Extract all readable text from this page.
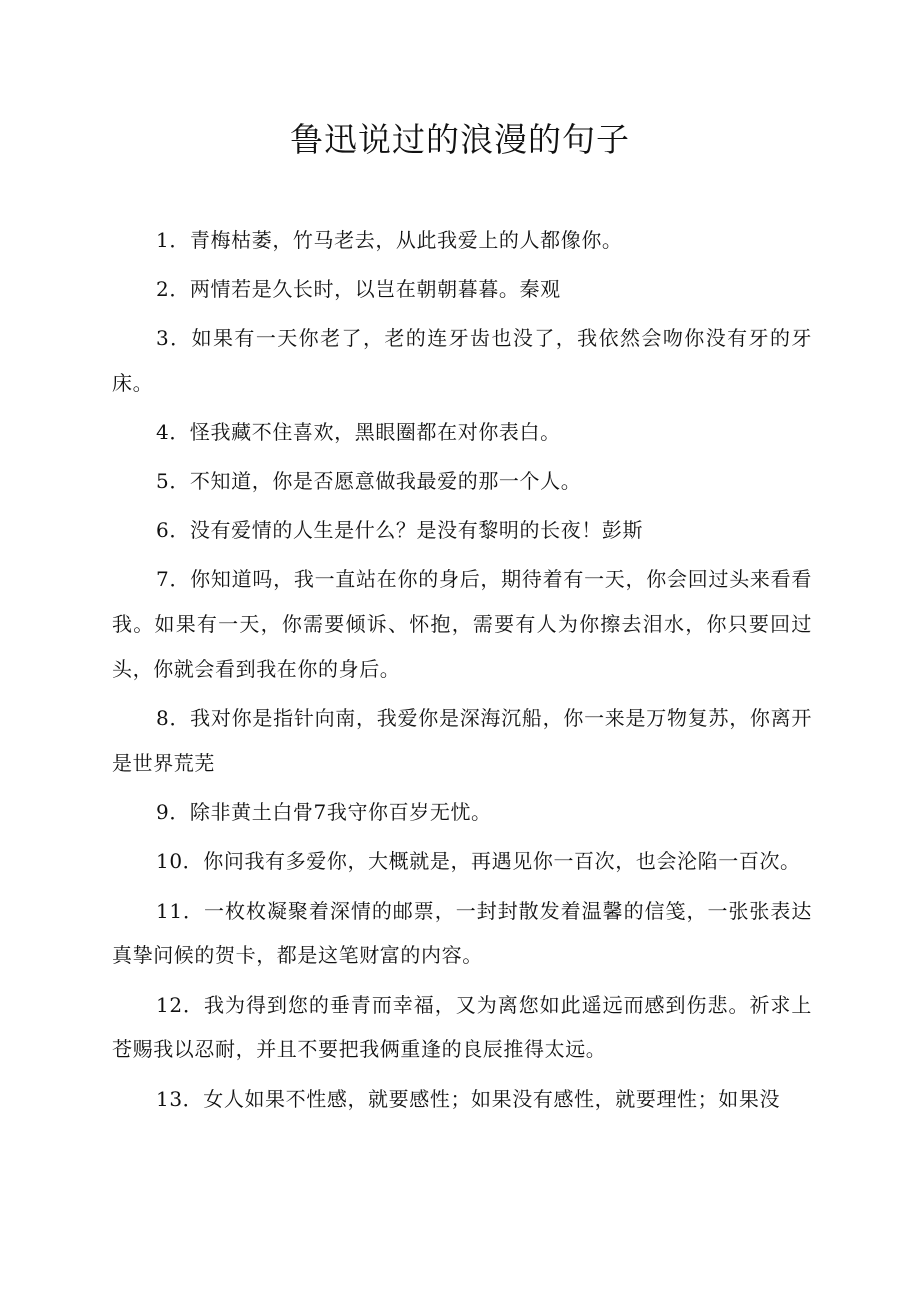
鲁迅说过的浪漫的句子

1．青梅枯萎，竹马老去，从此我爱上的人都像你。

2．两情若是久长时，以岂在朝朝暮暮。秦观

3．如果有一天你老了，老的连牙齿也没了，我依然会吻你没有牙的牙床。

4．怪我藏不住喜欢，黑眼圈都在对你表白。

5．不知道，你是否愿意做我最爱的那一个人。

6．没有爱情的人生是什么？是没有黎明的长夜！彭斯

7．你知道吗，我一直站在你的身后，期待着有一天，你会回过头来看看我。如果有一天，你需要倾诉、怀抱，需要有人为你擦去泪水，你只要回过头，你就会看到我在你的身后。

8．我对你是指针向南，我爱你是深海沉船，你一来是万物复苏，你离开是世界荒芜

9．除非黄土白骨7我守你百岁无忧。

10．你问我有多爱你，大概就是，再遇见你一百次，也会沦陷一百次。

11．一枚枚凝聚着深情的邮票，一封封散发着温馨的信笺，一张张表达真挚问候的贺卡，都是这笔财富的内容。

12．我为得到您的垂青而幸福，又为离您如此遥远而感到伤悲。祈求上苍赐我以忍耐，并且不要把我俩重逢的良辰推得太远。

13．女人如果不性感，就要感性；如果没有感性，就要理性；如果没
